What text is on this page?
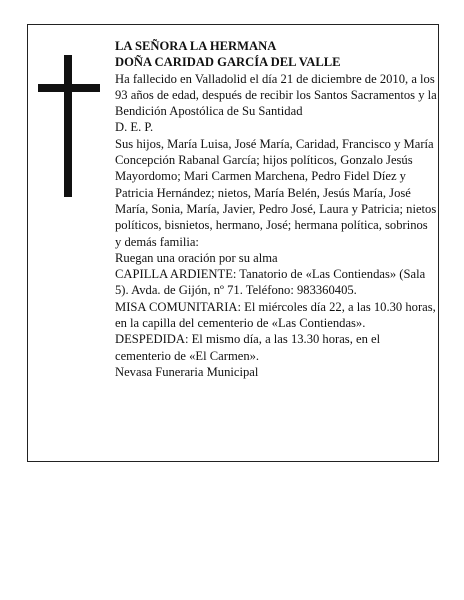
LA SEÑORA LA HERMANA

DOÑA CARIDAD GARCÍA DEL VALLE

Ha fallecido en Valladolid el día 21 de diciembre de 2010, a los 93 años de edad, después de recibir los Santos Sacramentos y la Bendición Apostólica de Su Santidad

D. E. P.

Sus hijos, María Luisa, José María, Caridad, Francisco y María Concepción Rabanal García; hijos políticos, Gonzalo Jesús Mayordomo; Mari Carmen Marchena, Pedro Fidel Díez y Patricia Hernández; nietos, María Belén, Jesús María, José María, Sonia, María, Javier, Pedro José, Laura y Patricia; nietos políticos, bisnietos, hermano, José; hermana política, sobrinos y demás familia:

Ruegan una oración por su alma

CAPILLA ARDIENTE: Tanatorio de «Las Contiendas» (Sala 5). Avda. de Gijón, nº 71. Teléfono: 983360405.

MISA COMUNITARIA: El miércoles día 22, a las 10.30 horas, en la capilla del cementerio de «Las Contiendas».

DESPEDIDA: El mismo día, a las 13.30 horas, en el cementerio de «El Carmen».

Nevasa Funeraria Municipal
